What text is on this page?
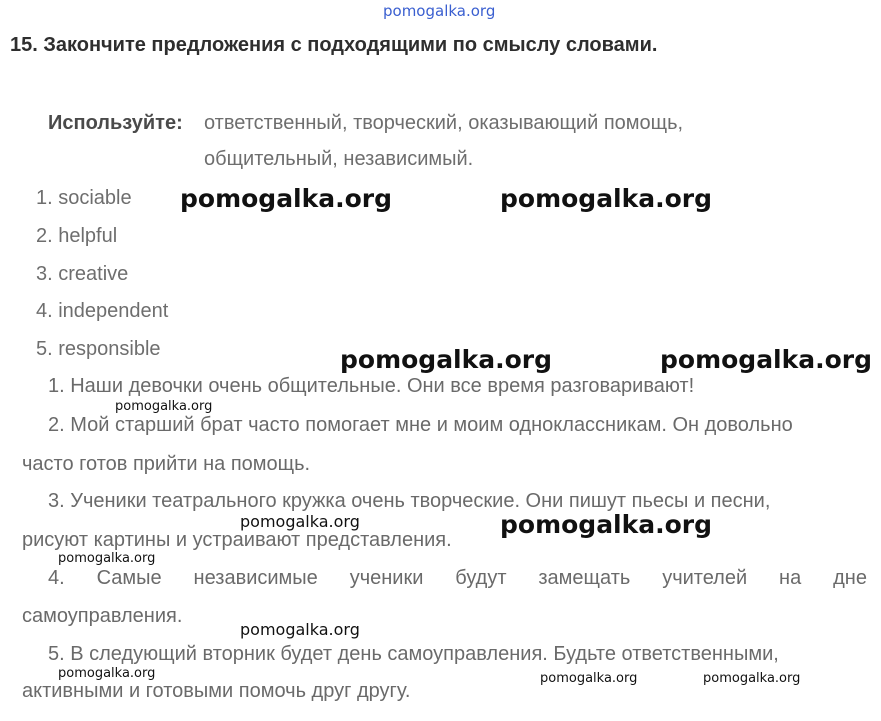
pomogalka.org
15. Закончите предложения с подходящими по смыслу словами.
Используйте: ответственный, творческий, оказывающий помощь,
общительный, независимый.
1. sociable
2. helpful
3. creative
4. independent
5. responsible
1. Наши девочки очень общительные. Они все время разговаривают!
2. Мой старший брат часто помогает мне и моим одноклассникам. Он довольно
часто готов прийти на помощь.
3. Ученики театрального кружка очень творческие. Они пишут пьесы и песни,
рисуют картины и устраивают представления.
4. Самые независимые ученики будут замещать учителей на дне
самоуправления.
5. В следующий вторник будет день самоуправления. Будьте ответственными,
активными и готовыми помочь друг другу.
pomogalka.org	pomogalka.org
pomogalka.org	pomogalka.org
pomogalka.org
pomogalka.org
pomogalka.org
pomogalka.org
pomogalka.org
pomogalka.org	pomogalka.org	pomogalka.org
